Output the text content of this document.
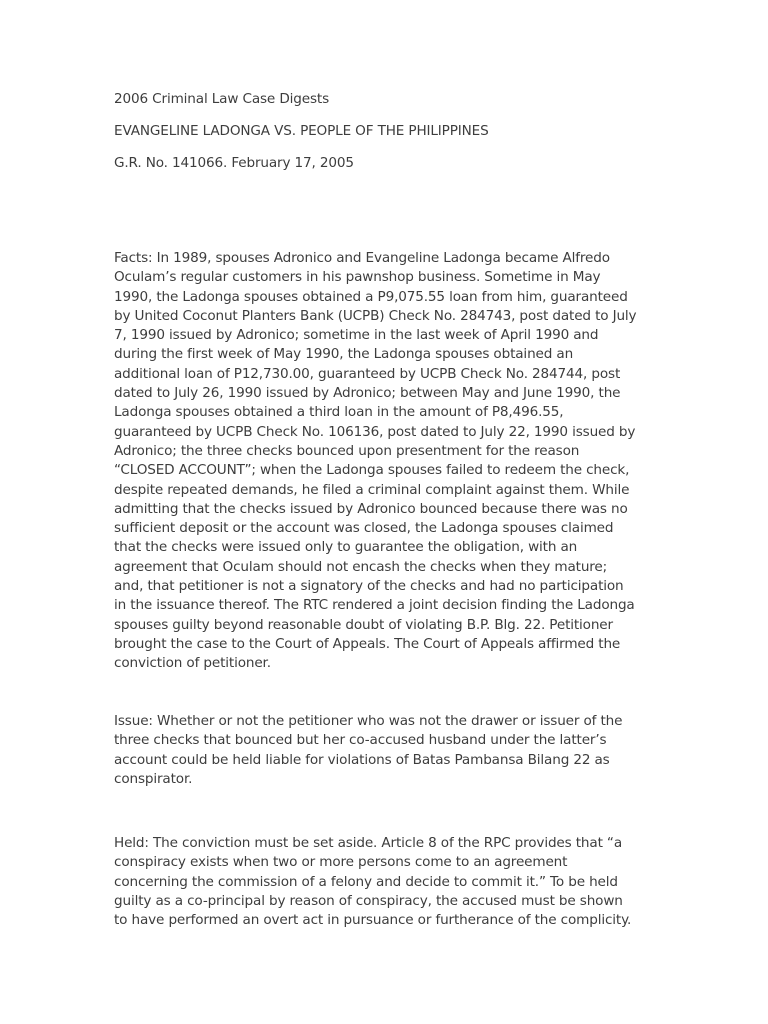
2006 Criminal Law Case Digests
EVANGELINE LADONGA VS. PEOPLE OF THE PHILIPPINES
G.R. No. 141066. February 17, 2005
Facts: In 1989, spouses Adronico and Evangeline Ladonga became Alfredo
Oculam’s regular customers in his pawnshop business. Sometime in May
1990, the Ladonga spouses obtained a P9,075.55 loan from him, guaranteed
by United Coconut Planters Bank (UCPB) Check No. 284743, post dated to July
7, 1990 issued by Adronico; sometime in the last week of April 1990 and
during the first week of May 1990, the Ladonga spouses obtained an
additional loan of P12,730.00, guaranteed by UCPB Check No. 284744, post
dated to July 26, 1990 issued by Adronico; between May and June 1990, the
Ladonga spouses obtained a third loan in the amount of P8,496.55,
guaranteed by UCPB Check No. 106136, post dated to July 22, 1990 issued by
Adronico; the three checks bounced upon presentment for the reason
“CLOSED ACCOUNT”; when the Ladonga spouses failed to redeem the check,
despite repeated demands, he filed a criminal complaint against them. While
admitting that the checks issued by Adronico bounced because there was no
sufficient deposit or the account was closed, the Ladonga spouses claimed
that the checks were issued only to guarantee the obligation, with an
agreement that Oculam should not encash the checks when they mature;
and, that petitioner is not a signatory of the checks and had no participation
in the issuance thereof. The RTC rendered a joint decision finding the Ladonga
spouses guilty beyond reasonable doubt of violating B.P. Blg. 22. Petitioner
brought the case to the Court of Appeals. The Court of Appeals affirmed the
conviction of petitioner.
Issue: Whether or not the petitioner who was not the drawer or issuer of the
three checks that bounced but her co-accused husband under the latter’s
account could be held liable for violations of Batas Pambansa Bilang 22 as
conspirator.
Held: The conviction must be set aside. Article 8 of the RPC provides that “a
conspiracy exists when two or more persons come to an agreement
concerning the commission of a felony and decide to commit it.” To be held
guilty as a co-principal by reason of conspiracy, the accused must be shown
to have performed an overt act in pursuance or furtherance of the complicity.
